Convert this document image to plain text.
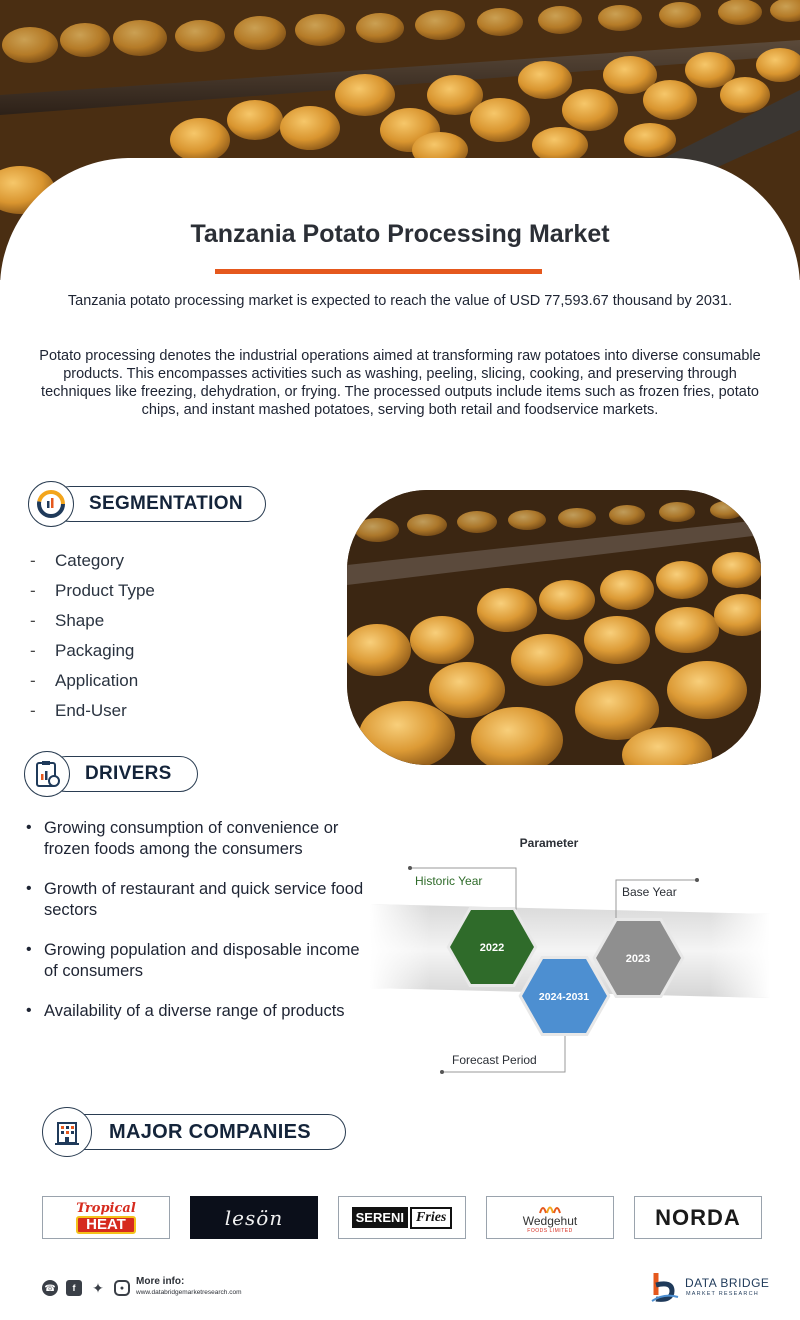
Tanzania Potato Processing Market

Tanzania potato processing market is expected to reach the value of USD 77,593.67 thousand by 2031.

Potato processing denotes the industrial operations aimed at transforming raw potatoes into diverse consumable products. This encompasses activities such as washing, peeling, slicing, cooking, and preserving through techniques like freezing, dehydration, or frying. The processed outputs include items such as frozen fries, potato chips, and instant mashed potatoes, serving both retail and foodservice markets.

SEGMENTATION
-	Category
-	Product Type
-	Shape
-	Packaging
-	Application
-	End-User
DRIVERS
• Growing consumption of convenience or frozen foods among the consumers
• Growth of restaurant and quick service food sectors
• Growing population and disposable income of consumers
• Availability of a diverse range of products
Parameter
Historic Year
Base Year
Forecast Period
2022
2023
2024-2031
MAJOR COMPANIES
Tropical
HEAT	lesön	SERENI Fries	Wedgehut
FOODS LIMITED
NORDA
☎	f	✦	●
More info:
www.databridgemarketresearch.com
DATA BRIDGE
MARKET RESEARCH
